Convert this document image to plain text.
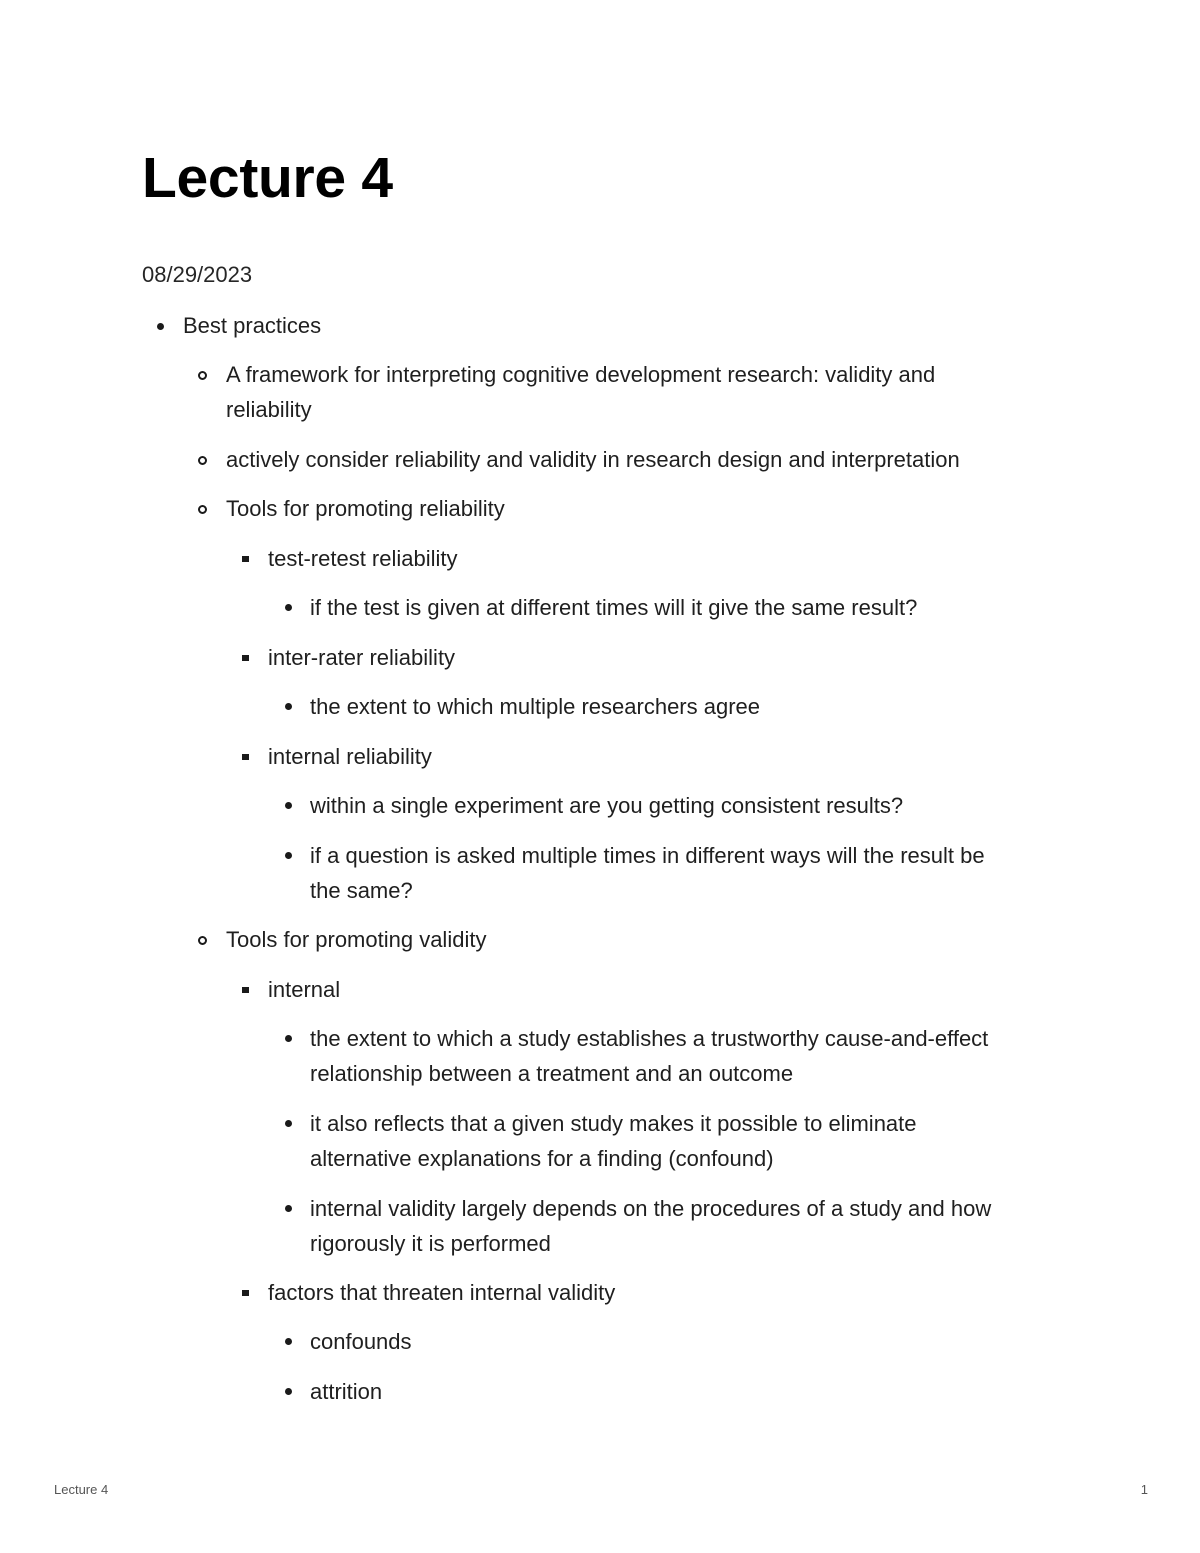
Lecture 4
08/29/2023
Best practices
A framework for interpreting cognitive development research: validity and
reliability
actively consider reliability and validity in research design and interpretation
Tools for promoting reliability
test-retest reliability
if the test is given at different times will it give the same result?
inter-rater reliability
the extent to which multiple researchers agree
internal reliability
within a single experiment are you getting consistent results?
if a question is asked multiple times in different ways will the result be
the same?
Tools for promoting validity
internal
the extent to which a study establishes a trustworthy cause-and-effect
relationship between a treatment and an outcome
it also reflects that a given study makes it possible to eliminate
alternative explanations for a finding (confound)
internal validity largely depends on the procedures of a study and how
rigorously it is performed
factors that threaten internal validity
confounds
attrition
Lecture 4	1
